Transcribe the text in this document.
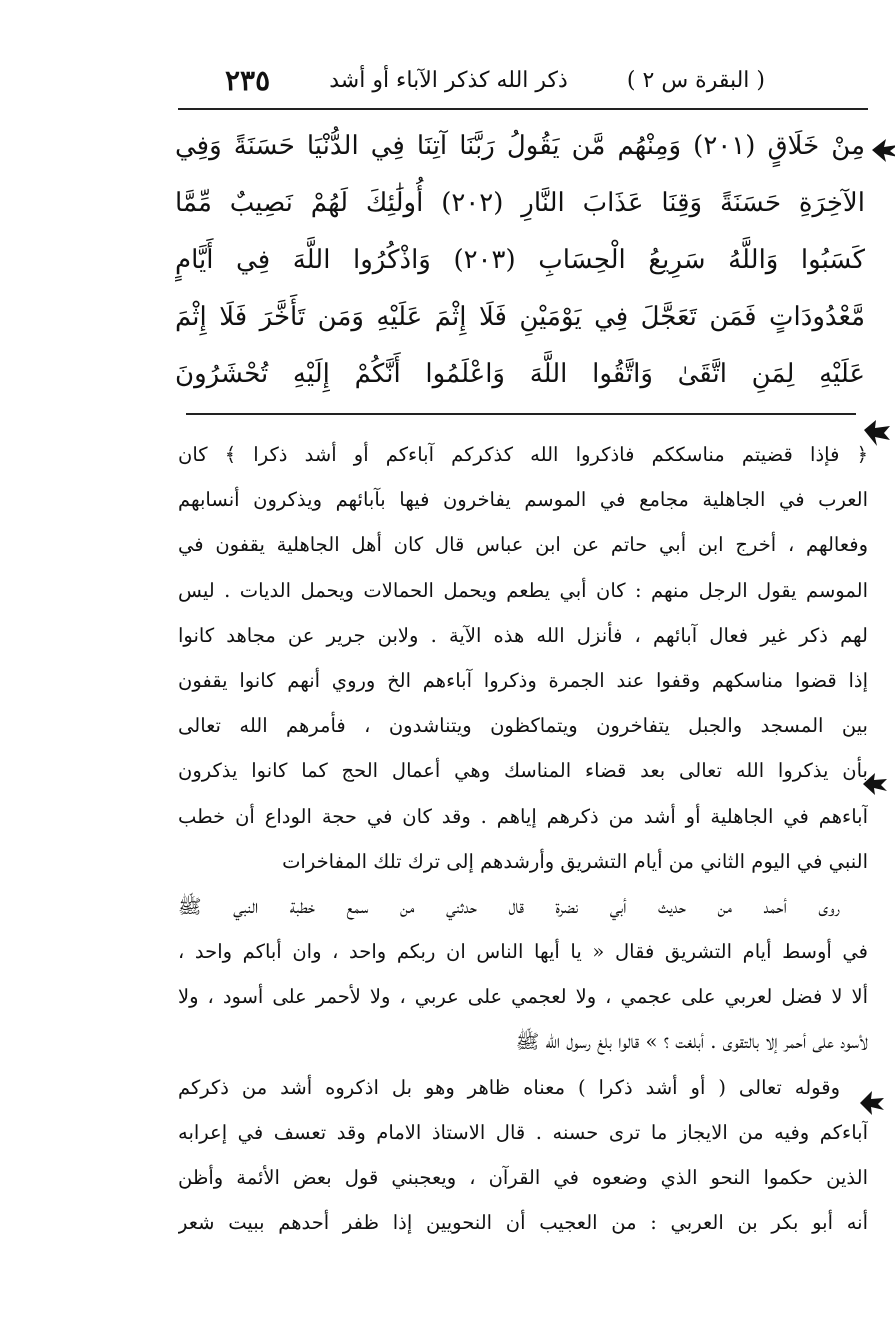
( البقرة س ٢ )
ذكر الله كذكر الآباء أو أشد
٢٣٥
مِنْ خَلَاقٍ (٢٠١) وَمِنْهُم مَّن يَقُولُ رَبَّنَا آتِنَا فِي الدُّنْيَا حَسَنَةً وَفِي
الآخِرَةِ حَسَنَةً وَقِنَا عَذَابَ النَّارِ (٢٠٢) أُولَٰئِكَ لَهُمْ نَصِيبٌ مِّمَّا
كَسَبُوا وَاللَّهُ سَرِيعُ الْحِسَابِ (٢٠٣) وَاذْكُرُوا اللَّهَ فِي أَيَّامٍ
مَّعْدُودَاتٍ فَمَن تَعَجَّلَ فِي يَوْمَيْنِ فَلَا إِثْمَ عَلَيْهِ وَمَن تَأَخَّرَ فَلَا إِثْمَ
عَلَيْهِ لِمَنِ اتَّقَىٰ وَاتَّقُوا اللَّهَ وَاعْلَمُوا أَنَّكُمْ إِلَيْهِ تُحْشَرُونَ
﴿ فإذا قضيتم مناسككم فاذكروا الله كذكركم آباءكم أو أشد ذكرا ﴾ كان
العرب في الجاهلية مجامع في الموسم يفاخرون فيها بآبائهم ويذكرون أنسابهم
وفعالهم ، أخرج ابن أبي حاتم عن ابن عباس قال كان أهل الجاهلية يقفون في
الموسم يقول الرجل منهم : كان أبي يطعم ويحمل الحمالات ويحمل الديات . ليس
لهم ذكر غير فعال آبائهم ، فأنزل الله هذه الآية . ولابن جرير عن مجاهد كانوا
إذا قضوا مناسكهم وقفوا عند الجمرة وذكروا آباءهم الخ وروي أنهم كانوا يقفون
بين المسجد والجبل يتفاخرون ويتماكظون ويتناشدون ، فأمرهم الله تعالى
بأن يذكروا الله تعالى بعد قضاء المناسك وهي أعمال الحج كما كانوا يذكرون
آباءهم في الجاهلية أو أشد من ذكرهم إياهم . وقد كان في حجة الوداع أن خطب
النبي في اليوم الثاني من أيام التشريق وأرشدهم إلى ترك تلك المفاخرات
روى أحمد من حديث أبي نضرة قال حدثني من سمع خطبة النبي ﷺ
في أوسط أيام التشريق فقال « يا أيها الناس ان ربكم واحد ، وان أباكم واحد ،
ألا لا فضل لعربي على عجمي ، ولا لعجمي على عربي ، ولا لأحمر على أسود ، ولا
لأسود على أحمر إلا بالتقوى . أبلغت ؟ » قالوا بلغ رسول الله ﷺ
وقوله تعالى ( أو أشد ذكرا ) معناه ظاهر وهو بل اذكروه أشد من ذكركم
آباءكم وفيه من الايجاز ما ترى حسنه . قال الاستاذ الامام وقد تعسف في إعرابه
الذين حكموا النحو الذي وضعوه في القرآن ، ويعجبني قول بعض الأئمة وأظن
أنه أبو بكر بن العربي : من العجيب أن النحويين إذا ظفر أحدهم ببيت شعر
